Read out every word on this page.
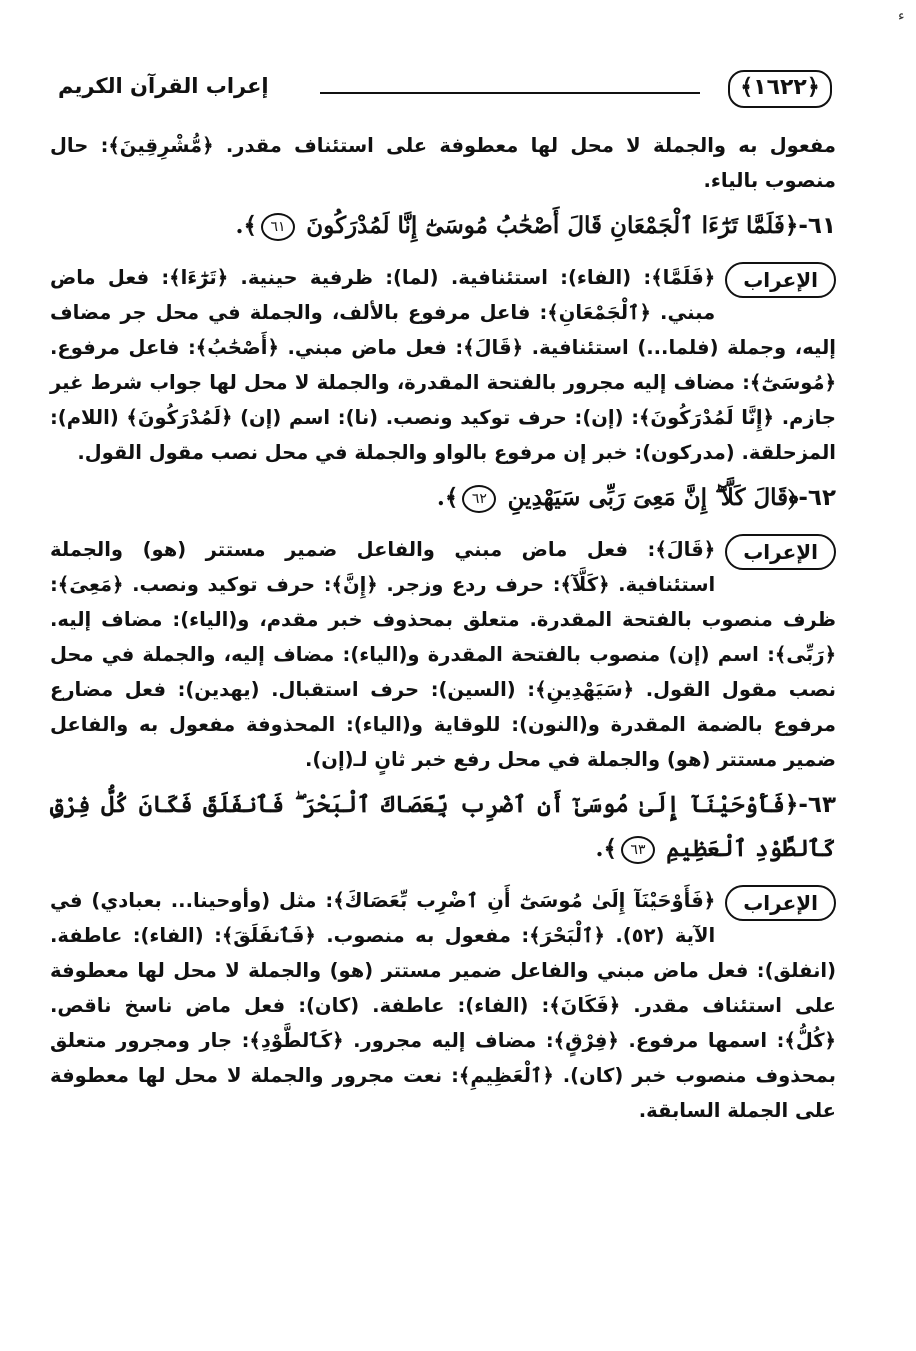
ء
﴿١٦٢٢﴾
إعراب القرآن الكريم

مفعول به والجملة لا محل لها معطوفة على استئناف مقدر. ﴿مُّشْرِقِينَ﴾: حال منصوب بالياء.

٦١-﴿فَلَمَّا تَرَٰٓءَا ٱلْجَمْعَانِ قَالَ أَصْحَٰبُ مُوسَىٰٓ إِنَّا لَمُدْرَكُونَ ٦١﴾.

الإعراب

﴿فَلَمَّا﴾: (الفاء): استئنافية. (لما): ظرفية حينية. ﴿تَرَٰٓءَا﴾: فعل ماض مبني. ﴿ٱلْجَمْعَانِ﴾: فاعل مرفوع بالألف، والجملة في محل جر مضاف إليه، وجملة (فلما...) استئنافية. ﴿قَالَ﴾: فعل ماض مبني. ﴿أَصْحَٰبُ﴾: فاعل مرفوع. ﴿مُوسَىٰٓ﴾: مضاف إليه مجرور بالفتحة المقدرة، والجملة لا محل لها جواب شرط غير جازم. ﴿إِنَّا لَمُدْرَكُونَ﴾: (إن): حرف توكيد ونصب. (نا): اسم (إن) ﴿لَمُدْرَكُونَ﴾ (اللام): المزحلقة. (مدركون): خبر إن مرفوع بالواو والجملة في محل نصب مقول القول.

٦٢-﴿قَالَ كَلَّآ ۖ إِنَّ مَعِىَ رَبِّى سَيَهْدِينِ ٦٢﴾.

الإعراب

﴿قَالَ﴾: فعل ماض مبني والفاعل ضمير مستتر (هو) والجملة استئنافية. ﴿كَلَّآ﴾: حرف ردع وزجر. ﴿إِنَّ﴾: حرف توكيد ونصب. ﴿مَعِىَ﴾: ظرف منصوب بالفتحة المقدرة. متعلق بمحذوف خبر مقدم، و(الياء): مضاف إليه. ﴿رَبِّى﴾: اسم (إن) منصوب بالفتحة المقدرة و(الياء): مضاف إليه، والجملة في محل نصب مقول القول. ﴿سَيَهْدِينِ﴾: (السين): حرف استقبال. (يهدين): فعل مضارع مرفوع بالضمة المقدرة و(النون): للوقاية و(الياء): المحذوفة مفعول به والفاعل ضمير مستتر (هو) والجملة في محل رفع خبر ثانٍ لـ(إن).

٦٣-﴿فَأَوْحَيْنَآ إِلَىٰ مُوسَىٰٓ أَنِ ٱضْرِب بِّعَصَاكَ ٱلْبَحْرَ ۖ فَٱنفَلَقَ فَكَانَ كُلُّ فِرْقٍ كَٱلطَّوْدِ ٱلْعَظِيمِ ٦٣﴾.

الإعراب

﴿فَأَوْحَيْنَآ إِلَىٰ مُوسَىٰٓ أَنِ ٱضْرِب بِّعَصَاكَ﴾: مثل (وأوحينا... بعبادي) في الآية (٥٢). ﴿ٱلْبَحْرَ﴾: مفعول به منصوب. ﴿فَٱنفَلَقَ﴾: (الفاء): عاطفة. (انفلق): فعل ماض مبني والفاعل ضمير مستتر (هو) والجملة لا محل لها معطوفة على استئناف مقدر. ﴿فَكَانَ﴾: (الفاء): عاطفة. (كان): فعل ماض ناسخ ناقص. ﴿كُلُّ﴾: اسمها مرفوع. ﴿فِرْقٍ﴾: مضاف إليه مجرور. ﴿كَٱلطَّوْدِ﴾: جار ومجرور متعلق بمحذوف منصوب خبر (كان). ﴿ٱلْعَظِيمِ﴾: نعت مجرور والجملة لا محل لها معطوفة على الجملة السابقة.
